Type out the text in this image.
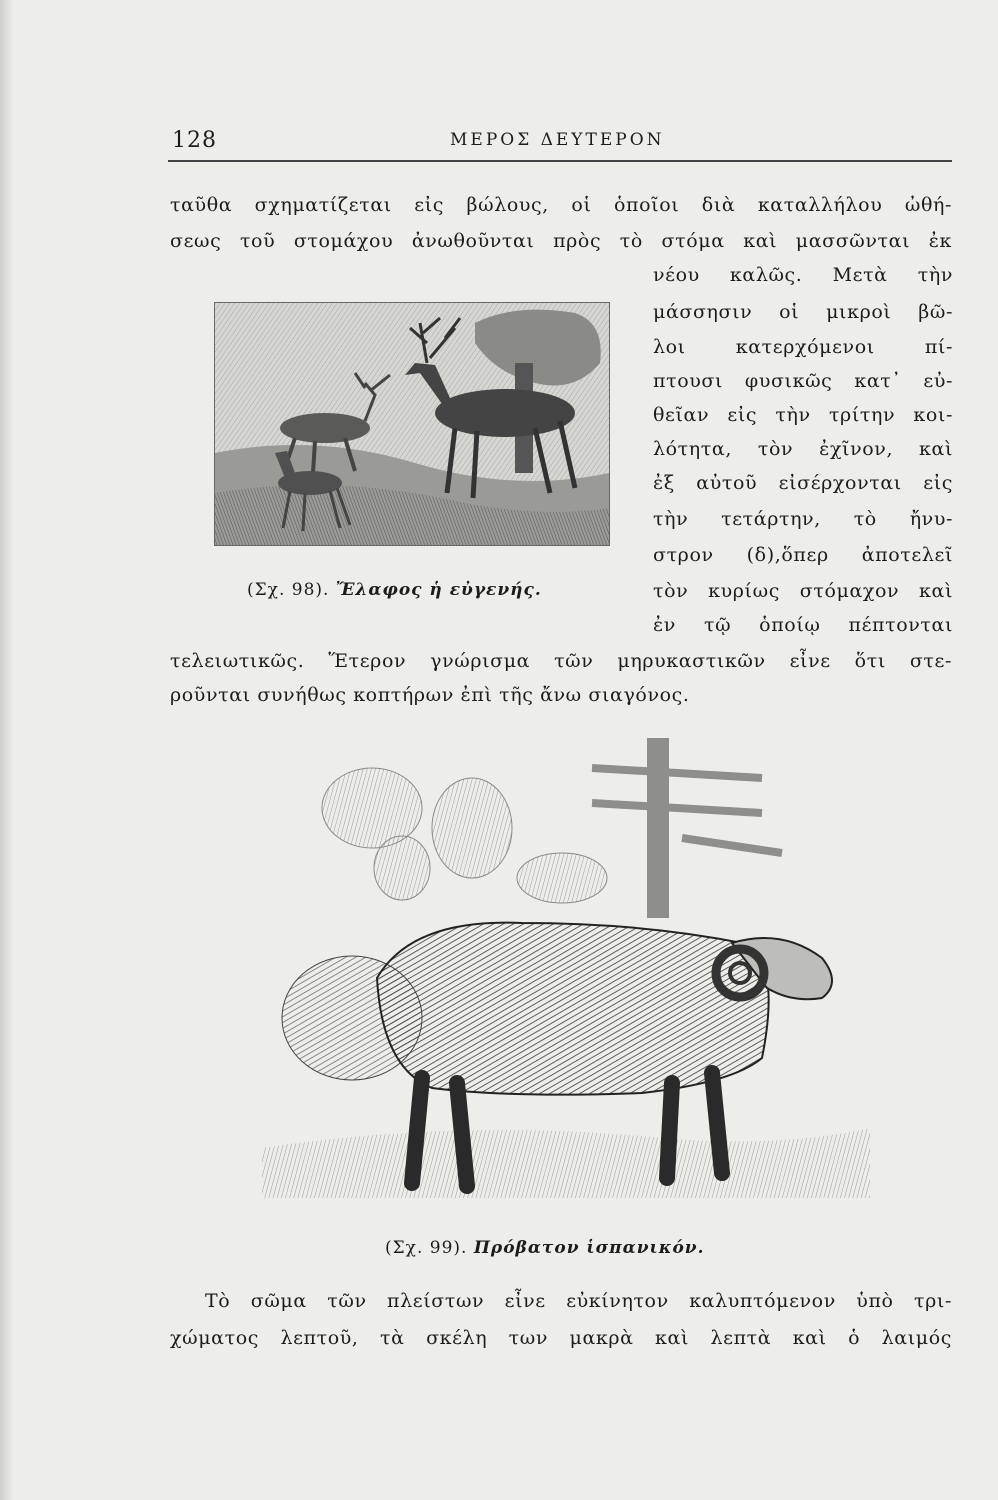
128	ΜΕΡΟΣ ΔΕΥΤΕΡΟΝ
ταῦθα σχηματίζεται εἰς βώλους, οἱ ὁποῖοι διὰ καταλλήλου ὠθή-
σεως τοῦ στομάχου ἀνωθοῦνται πρὸς τὸ στόμα καὶ μασσῶνται ἐκ
νέου καλῶς. Μετὰ τὴν
μάσσησιν οἱ μικροὶ βῶ-
λοι κατερχόμενοι πί-
πτουσι φυσικῶς κατ᾽ εὐ-
θεῖαν εἰς τὴν τρίτην κοι-
λότητα, τὸν ἐχῖνον, καὶ
ἐξ αὐτοῦ εἰσέρχονται εἰς
τὴν τετάρτην, τὸ ἤνυ-
στρον (δ),ὅπερ ἀποτελεῖ
τὸν κυρίως στόμαχον καὶ
ἐν τῷ ὁποίῳ πέπτονται
τελειωτικῶς. Ἕτερον γνώρισμα τῶν μηρυκαστικῶν εἶνε ὅτι στε-
ροῦνται συνήθως κοπτήρων ἐπὶ τῆς ἄνω σιαγόνος.
(Σχ. 98). Ἔλαφος ἡ εὐγενής.
(Σχ. 99). Πρόβατον ἱσπανικόν.
Τὸ σῶμα τῶν πλείστων εἶνε εὐκίνητον καλυπτόμενον ὑπὸ τρι-
χώματος λεπτοῦ, τὰ σκέλη των μακρὰ καὶ λεπτὰ καὶ ὁ λαιμός
